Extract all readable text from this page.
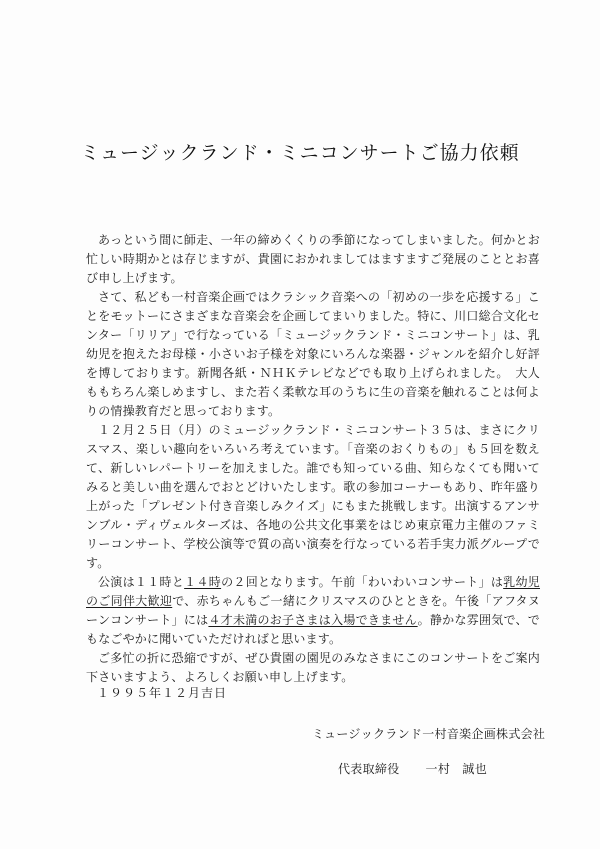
ミュージックランド・ミニコンサートご協力依頼

あっという間に師走、一年の締めくくりの季節になってしまいました。何かとお忙しい時期かとは存じますが、貴園におかれましてはますますご発展のこととお喜び申し上げます。

さて、私ども一村音楽企画ではクラシック音楽への「初めの一歩を応援する」ことをモットーにさまざまな音楽会を企画してまいりました。特に、川口総合文化センター「リリア」で行なっている「ミュージックランド・ミニコンサート」は、乳幼児を抱えたお母様・小さいお子様を対象にいろんな楽器・ジャンルを紹介し好評を博しております。新聞各紙・ＮＨＫテレビなどでも取り上げられました。　大人ももちろん楽しめますし、また若く柔軟な耳のうちに生の音楽を触れることは何よりの情操教育だと思っております。

１２月２５日（月）のミュージックランド・ミニコンサート３５は、まさにクリスマス、楽しい趣向をいろいろ考えています。「音楽のおくりもの」も５回を数えて、新しいレパートリーを加えました。誰でも知っている曲、知らなくても聞いてみると美しい曲を選んでおとどけいたします。歌の参加コーナーもあり、昨年盛り上がった「プレゼント付き音楽しみクイズ」にもまた挑戦します。出演するアンサンブル・ディヴェルターズは、各地の公共文化事業をはじめ東京電力主催のファミリーコンサート、学校公演等で質の高い演奏を行なっている若手実力派グループです。

公演は１１時と１４時の２回となります。午前「わいわいコンサート」は乳幼児のご同伴大歓迎で、赤ちゃんもご一緒にクリスマスのひとときを。午後「アフタヌーンコンサート」には４才未満のお子さまは入場できません。静かな雰囲気で、でもなごやかに聞いていただければと思います。

ご多忙の折に恐縮ですが、ぜひ貴園の園児のみなさまにこのコンサートをご案内下さいますよう、よろしくお願い申し上げます。

１９９５年１２月吉日
ミュージックランド一村音楽企画株式会社
代表取締役 一村　誠也
